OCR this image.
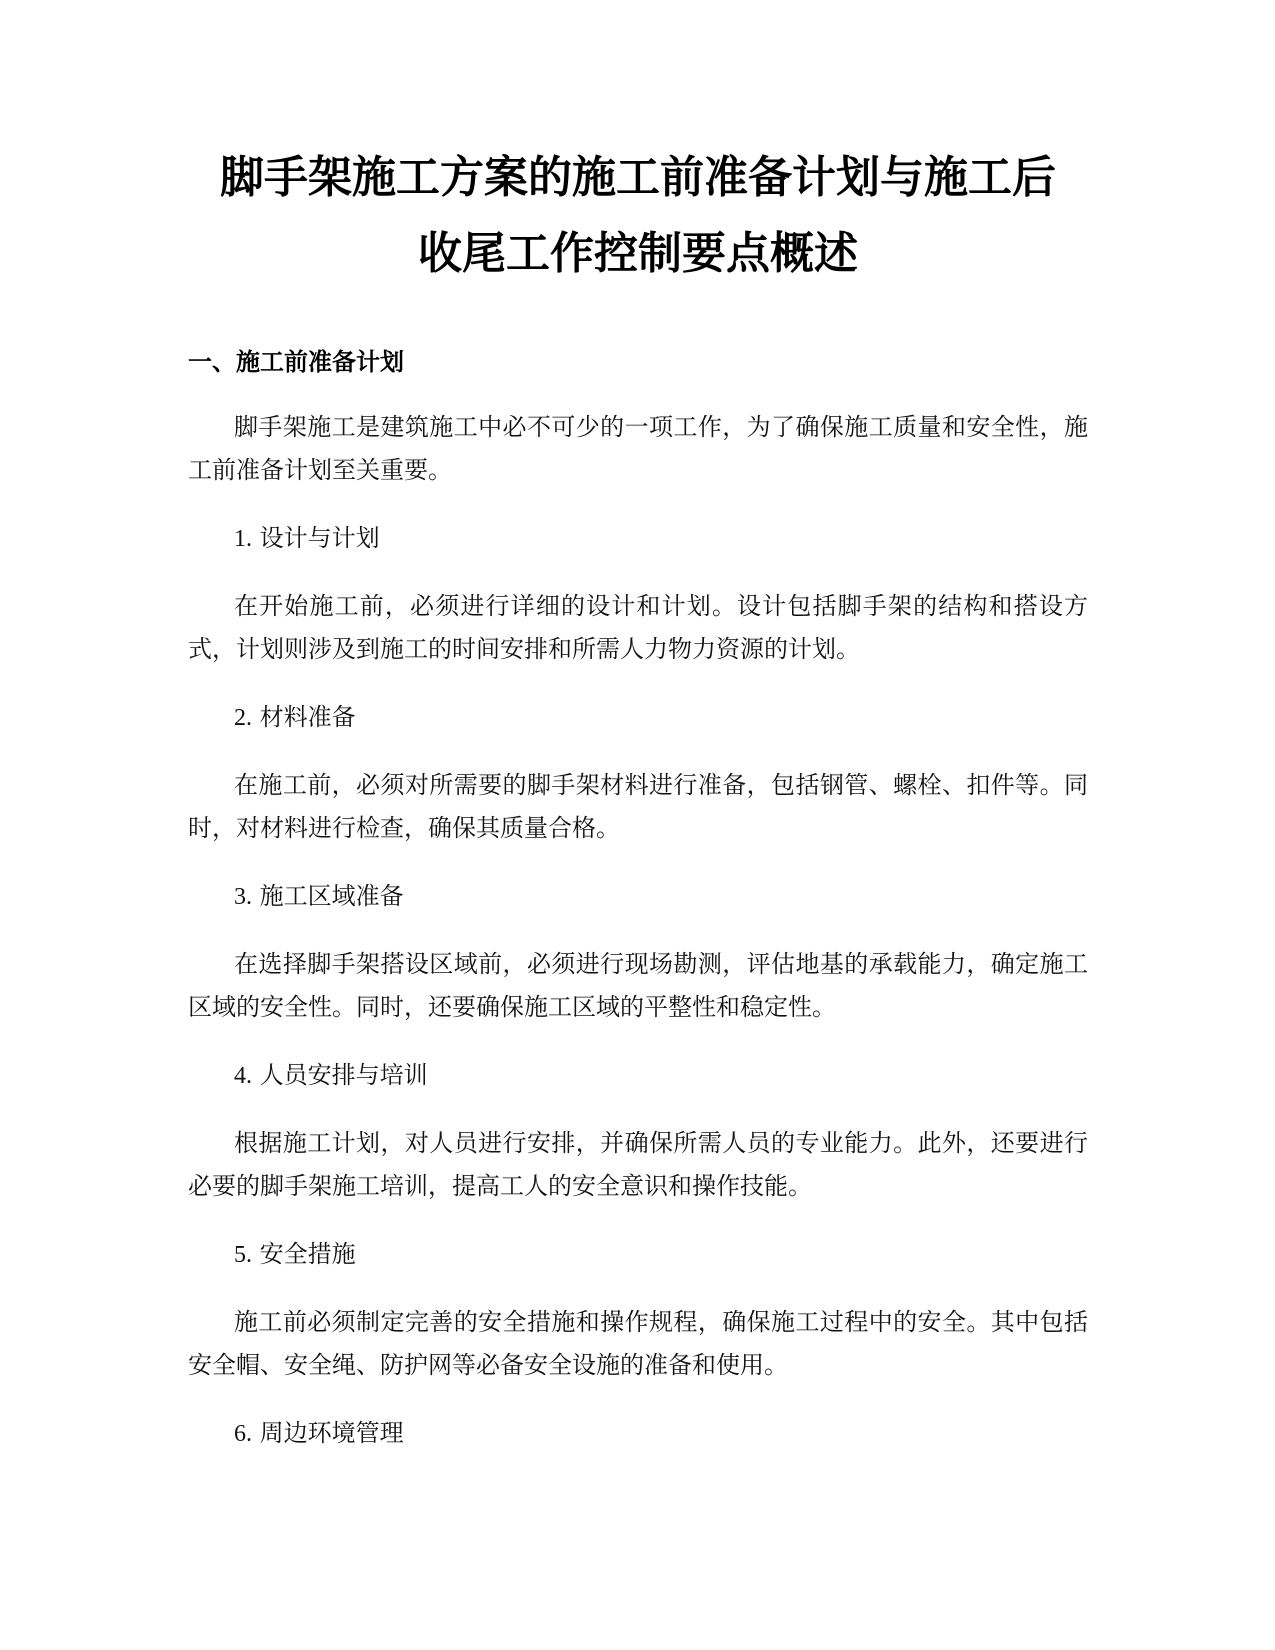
脚手架施工方案的施工前准备计划与施工后
收尾工作控制要点概述
一、施工前准备计划

脚手架施工是建筑施工中必不可少的一项工作，为了确保施工质量和安全性，施工前准备计划至关重要。

1. 设计与计划

在开始施工前，必须进行详细的设计和计划。设计包括脚手架的结构和搭设方式，计划则涉及到施工的时间安排和所需人力物力资源的计划。

2. 材料准备

在施工前，必须对所需要的脚手架材料进行准备，包括钢管、螺栓、扣件等。同时，对材料进行检查，确保其质量合格。

3. 施工区域准备

在选择脚手架搭设区域前，必须进行现场勘测，评估地基的承载能力，确定施工区域的安全性。同时，还要确保施工区域的平整性和稳定性。

4. 人员安排与培训

根据施工计划，对人员进行安排，并确保所需人员的专业能力。此外，还要进行必要的脚手架施工培训，提高工人的安全意识和操作技能。

5. 安全措施

施工前必须制定完善的安全措施和操作规程，确保施工过程中的安全。其中包括安全帽、安全绳、防护网等必备安全设施的准备和使用。

6. 周边环境管理
